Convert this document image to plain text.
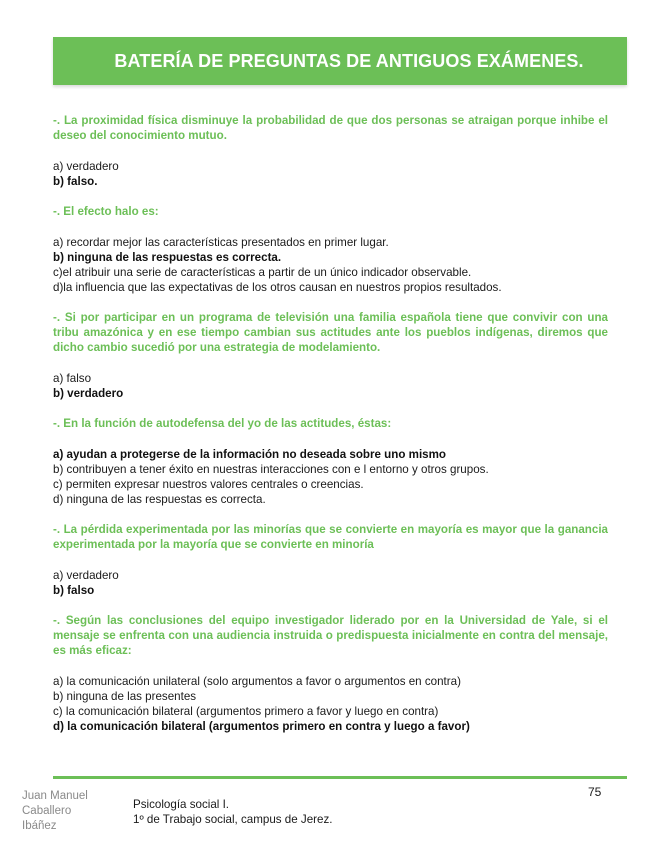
BATERÍA DE PREGUNTAS DE ANTIGUOS EXÁMENES.
-. La proximidad física disminuye la probabilidad de que dos personas se atraigan porque inhibe el deseo del conocimiento mutuo.
a) verdadero
b) falso.
-. El efecto halo es:
a) recordar mejor las características presentados en primer lugar.
b) ninguna de las respuestas es correcta.
c)el atribuir una serie de características a partir de un único indicador observable.
d)la influencia que las expectativas de los otros causan en nuestros propios resultados.
-. Si por participar en un programa de televisión una familia española tiene que convivir con una tribu amazónica y en ese tiempo cambian sus actitudes ante los pueblos indígenas, diremos que dicho cambio sucedió por una estrategia de modelamiento.
a) falso
b) verdadero
-. En la función de autodefensa del yo de las actitudes, éstas:
a) ayudan a protegerse de la información no deseada sobre uno mismo
b) contribuyen a tener éxito en nuestras interacciones con e l entorno y otros grupos.
c) permiten expresar nuestros valores centrales o creencias.
d) ninguna de las respuestas es correcta.
-. La pérdida experimentada por las minorías que se convierte en mayoría es mayor que la ganancia experimentada por la mayoría que se convierte en minoría
a) verdadero
b) falso
-. Según las conclusiones del equipo investigador liderado por en la Universidad de Yale, si el mensaje se enfrenta con una audiencia instruida o predispuesta inicialmente en contra del mensaje, es más eficaz:
a) la comunicación unilateral (solo argumentos a favor o argumentos en contra)
b) ninguna de las presentes
c) la comunicación bilateral (argumentos primero a favor y luego en contra)
d) la comunicación bilateral (argumentos primero en contra y luego a favor)
75
Juan Manuel
Caballero
Ibáñez
Psicología social I.
1º de Trabajo social, campus de Jerez.
